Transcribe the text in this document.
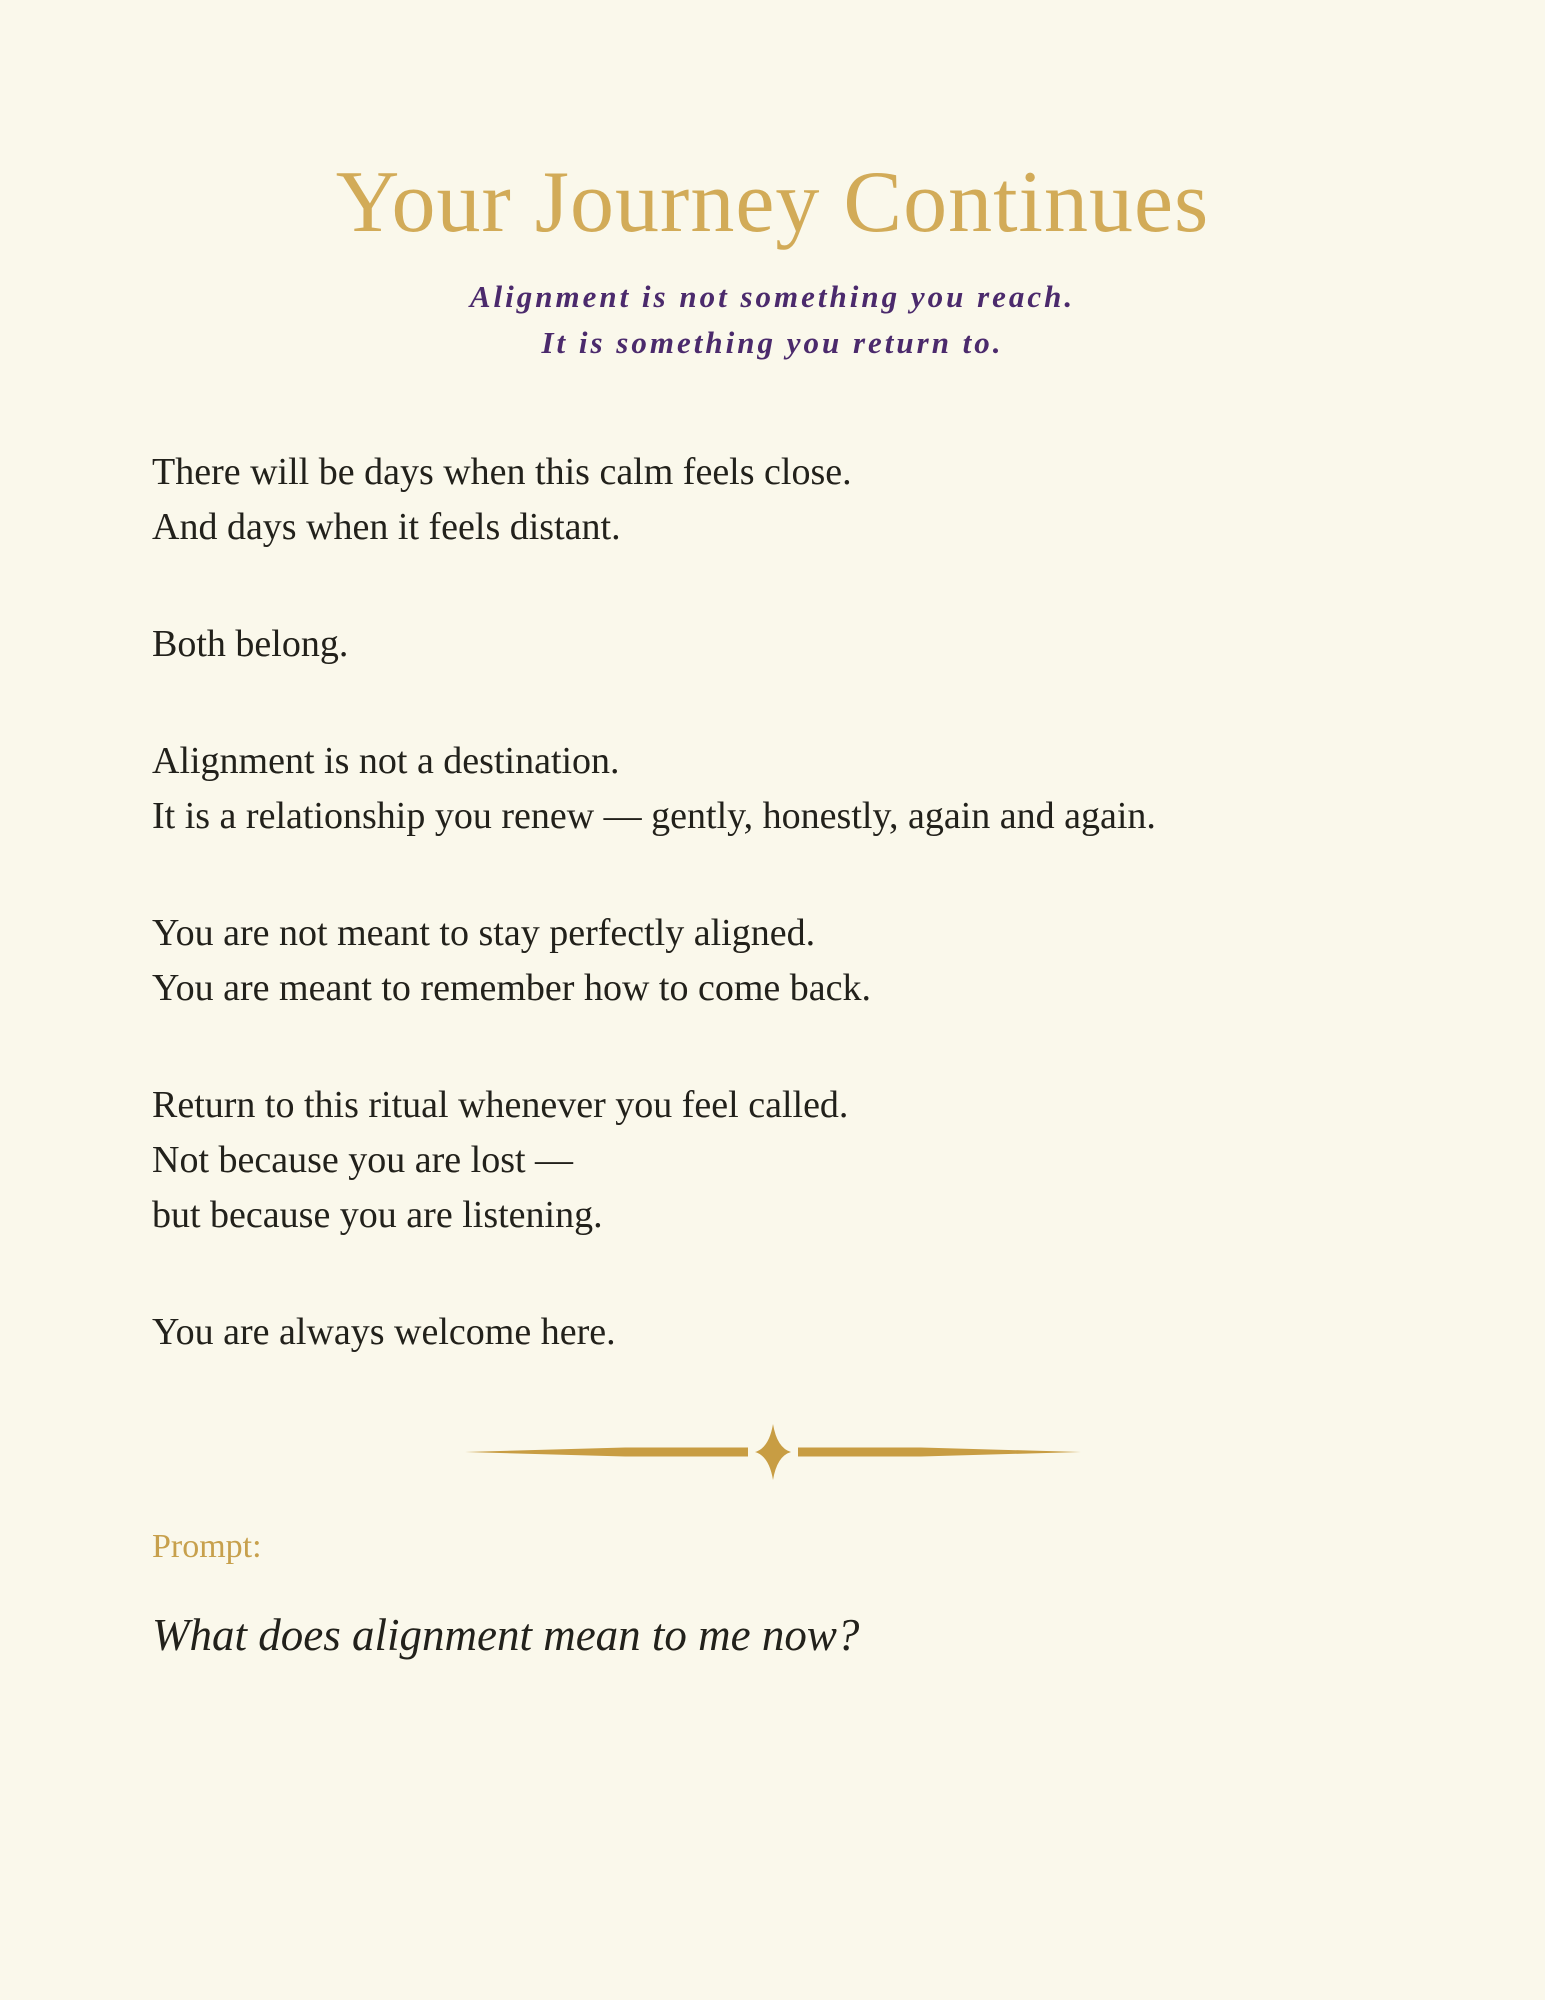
Your Journey Continues
Alignment is not something you reach.
It is something you return to.
There will be days when this calm feels close.
And days when it feels distant.
Both belong.
Alignment is not a destination.
It is a relationship you renew — gently, honestly, again and again.
You are not meant to stay perfectly aligned.
You are meant to remember how to come back.
Return to this ritual whenever you feel called.
Not because you are lost —
but because you are listening.
You are always welcome here.
Prompt:
What does alignment mean to me now?
